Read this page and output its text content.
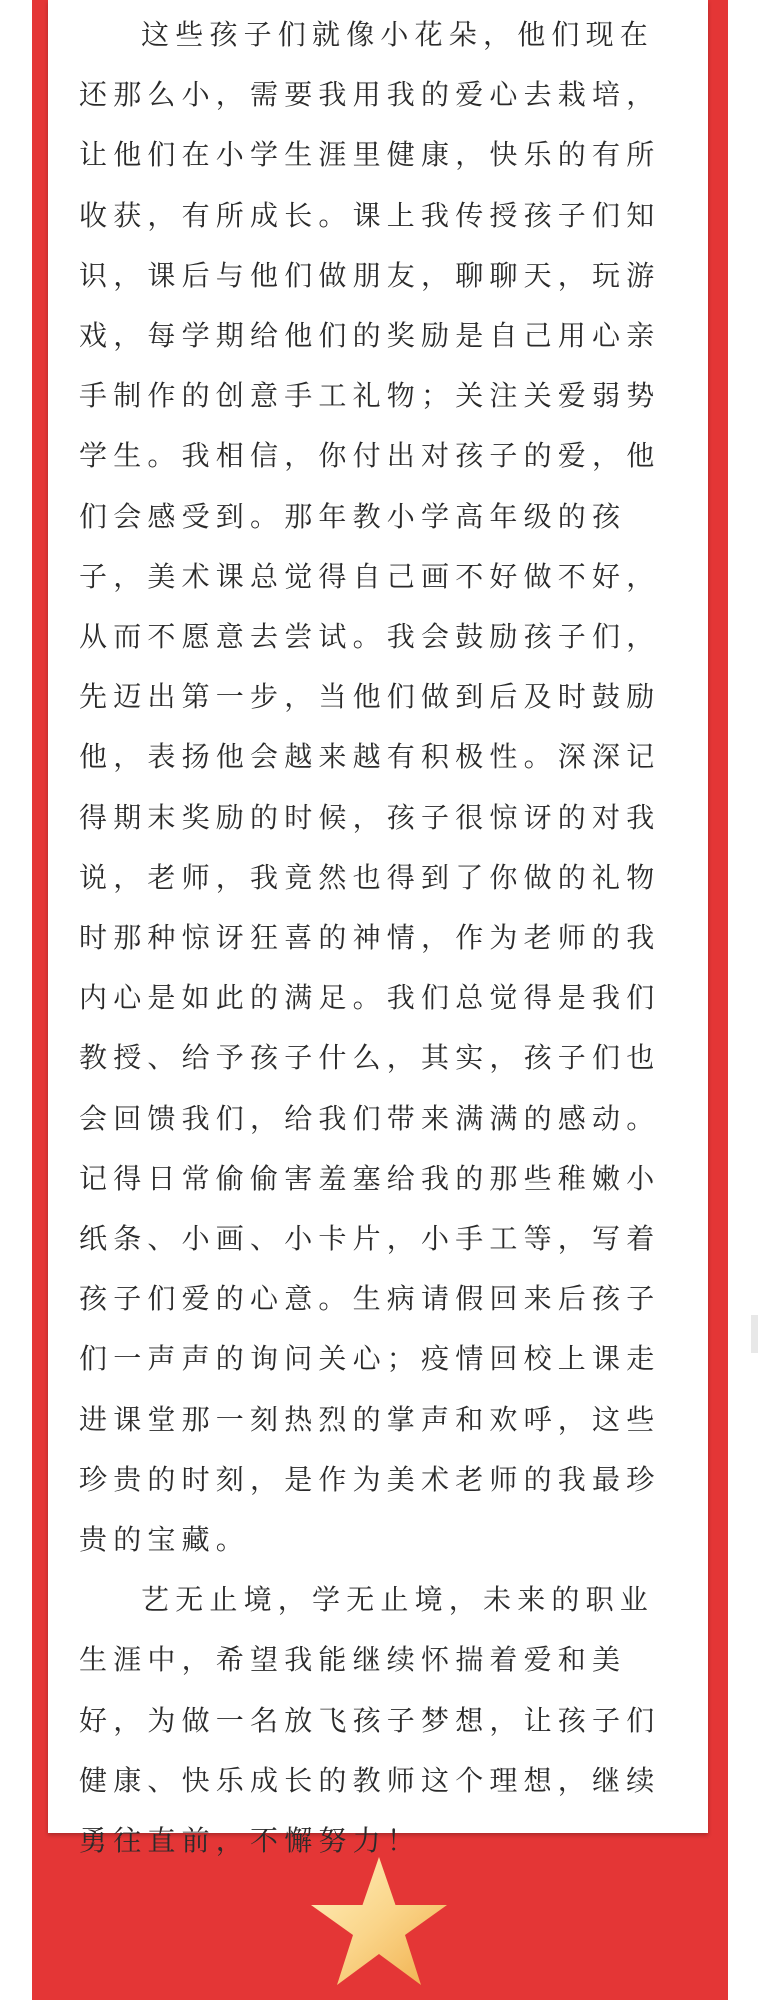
这些孩子们就像小花朵，他们现在还那么小，需要我用我的爱心去栽培，让他们在小学生涯里健康，快乐的有所收获，有所成长。课上我传授孩子们知识，课后与他们做朋友，聊聊天，玩游戏，每学期给他们的奖励是自己用心亲手制作的创意手工礼物；关注关爱弱势学生。我相信，你付出对孩子的爱，他们会感受到。那年教小学高年级的孩子，美术课总觉得自己画不好做不好，从而不愿意去尝试。我会鼓励孩子们，先迈出第一步，当他们做到后及时鼓励他，表扬他会越来越有积极性。深深记得期末奖励的时候，孩子很惊讶的对我说，老师，我竟然也得到了你做的礼物时那种惊讶狂喜的神情，作为老师的我内心是如此的满足。我们总觉得是我们教授、给予孩子什么，其实，孩子们也会回馈我们，给我们带来满满的感动。记得日常偷偷害羞塞给我的那些稚嫩小纸条、小画、小卡片，小手工等，写着孩子们爱的心意。生病请假回来后孩子们一声声的询问关心；疫情回校上课走进课堂那一刻热烈的掌声和欢呼，这些珍贵的时刻，是作为美术老师的我最珍贵的宝藏。

艺无止境，学无止境，未来的职业生涯中，希望我能继续怀揣着爱和美好，为做一名放飞孩子梦想，让孩子们健康、快乐成长的教师这个理想，继续勇往直前，不懈努力！
